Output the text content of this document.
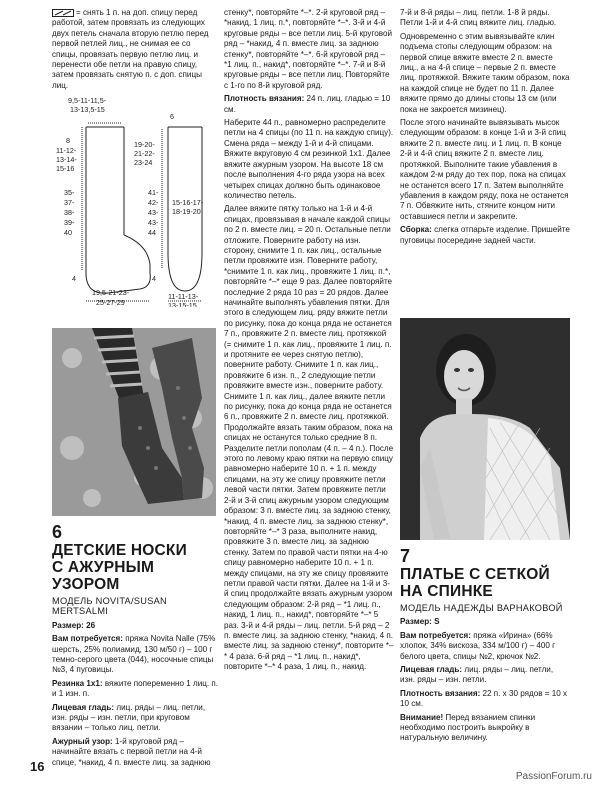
= снять 1 п. на доп. спицу перед работой, затем провязать из следующих двух петель сначала вторую петлю перед первой петлей лиц., не снимая ее со спицы, провязать первую петлю лиц. и перенести обе петли на правую спицу, затем провязать снятую п. с доп. спицы лиц.

9,5-11-11,5-
13-13,5-15
6
8
11-12-
13-14-
15-16
35-
37-
38-
39-
40
4
19-20-
21-22-
23-24
15-16-17-
18-19-20
41-
42-
43-
43-
44
4
19,5-21-23-
25-27-29
11-11-13-
13-15-15
6
ДЕТСКИЕ НОСКИ
С АЖУРНЫМ УЗОРОМ
МОДЕЛЬ NOVITA/SUSAN MERTSALMI

Размер: 26

Вам потребуется: пряжа Novita Nalle (75% шерсть, 25% полиамид, 130 м/50 г) – 100 г темно-серого цвета (044), носочные спицы №3, 4 пуговицы.

Резинка 1х1: вяжите попеременно 1 лиц. п. и 1 изн. п.

Лицевая гладь: лиц. ряды – лиц. петли, изн. ряды – изн. петли, при круговом вязании – только лиц. петли.

Ажурный узор: 1-й круговой ряд – начинайте вязать с первой петли на 4-й спице, *накид, 4 п. вместе лиц. за заднюю

стенку*, повторяйте *–*. 2-й круговой ряд – *накид, 1 лиц. п.*, повторяйте *–*. 3-й и 4-й круговые ряды – все петли лиц. 5-й круговой ряд – *накид, 4 п. вместе лиц. за заднюю стенку*, повторяйте *–*. 6-й круговой ряд – *1 лиц. п., накид*, повторяйте *–*. 7-й и 8-й круговые ряды – все петли лиц. Повторяйте с 1-го по 8-й круговой ряд.

Плотность вязания: 24 п. лиц. гладью = 10 см.

Наберите 44 п., равномерно распределите петли на 4 спицы (по 11 п. на каждую спицу). Смена ряда – между 1-й и 4-й спицами. Вяжите вкруговую 4 см резинкой 1х1. Далее вяжите ажурным узором. На высоте 18 см после выполнения 4-го ряда узора на всех четырех спицах должно быть одинаковое количество петель.

Далее вяжите пятку только на 1-й и 4-й спицах, провязывая в начале каждой спицы по 2 п. вместе лиц. = 20 п. Остальные петли отложите. Поверните работу на изн. сторону, снимите 1 п. как лиц., остальные петли провяжите изн. Поверните работу, *снимите 1 п. как лиц., провяжите 1 лиц. п.*, повторяйте *–* еще 9 раз. Далее повторяйте последние 2 ряда 10 раз = 20 рядов. Далее начинайте выполнять убавления пятки. Для этого в следующем лиц. ряду вяжите петли по рисунку, пока до конца ряда не останется 7 п., провяжите 2 п. вместе лиц. протяжкой (= снимите 1 п. как лиц., провяжите 1 лиц. п. и протяните ее через снятую петлю), поверните работу. Снимите 1 п. как лиц., провяжите 6 изн. п., 2 следующие петли провяжите вместе изн., поверните работу. Снимите 1 п. как лиц., далее вяжите петли по рисунку, пока до конца ряда не останется 6 п., провяжите 2 п. вместе лиц. протяжкой. Продолжайте вязать таким образом, пока на спицах не останутся только средние 8 п. Разделите петли пополам (4 п. – 4 п.). После этого по левому краю пятки на первую спицу равномерно наберите 10 п. + 1 п. между спицами, на эту же спицу провяжите петли левой части пятки. Затем провяжите петли 2-й и 3-й спиц ажурным узором следующим образом: 3 п. вместе лиц. за заднюю стенку, *накид, 4 п. вместе лиц. за заднюю стенку*, повторяйте *–* 3 раза, выполните накид, провяжите 3 п. вместе лиц. за заднюю стенку. Затем по правой части пятки на 4-ю спицу равномерно наберите 10 п. + 1 п. между спицами, на эту же спицу провяжите петли правой части пятки. Далее на 1-й и 3-й спиц продолжайте вязать ажурным узором следующим образом: 2-й ряд – *1 лиц. п., накид, 1 лиц. п., накид*, повторяйте *–* 5 раз. 3-й и 4-й ряды – лиц. петли. 5-й ряд – 2 п. вместе лиц. за заднюю стенку, *накид, 4 п. вместе лиц. за заднюю стенку*, повторите *–* 4 раза. 6-й ряд – *1 лиц. п., накид*, повторите *–* 4 раза, 1 лиц. п., накид.

7-й и 8-й ряды – лиц. петли. 1-8 й ряды. Петли 1-й и 4-й спиц вяжите лиц. гладью.

Одновременно с этим вывязывайте клин подъема стопы следующим образом: на первой спице вяжите вместе 2 п. вместе лиц., а на 4-й спице – первые 2 п. вместе лиц. протяжкой. Вяжите таким образом, пока на каждой спице не будет по 11 п. Далее вяжите прямо до длины стопы 13 см (или пока не закроется мизинец).

После этого начинайте вывязывать мысок следующим образом: в конце 1-й и 3-й спиц вяжите 2 п. вместе лиц. и 1 лиц. п. В конце 2-й и 4-й спиц вяжите 2 п. вместе лиц. протяжкой. Выполните такие убавления в каждом 2-м ряду до тех пор, пока на спицах не останется всего 17 п. Затем выполняйте убавления в каждом ряду, пока не останется 7 п. Обвяжите нить, стяните концом нити оставшиеся петли и закрепите.

Сборка: слегка отпарьте изделие. Пришейте пуговицы посередине задней части.

7
ПЛАТЬЕ С СЕТКОЙ
НА СПИНКЕ
МОДЕЛЬ НАДЕЖДЫ ВАРНАКОВОЙ

Размер: S

Вам потребуется: пряжа «Ирина» (66% хлопок, 34% вискоза, 334 м/100 г) – 400 г белого цвета, спицы №2, крючок №2.

Лицевая гладь: лиц. ряды – лиц. петли, изн. ряды – изн. петли.

Плотность вязания: 22 п. х 30 рядов = 10 х 10 см.

Внимание! Перед вязанием спинки необходимо построить выкройку в натуральную величину.

16
PassionForum.ru
